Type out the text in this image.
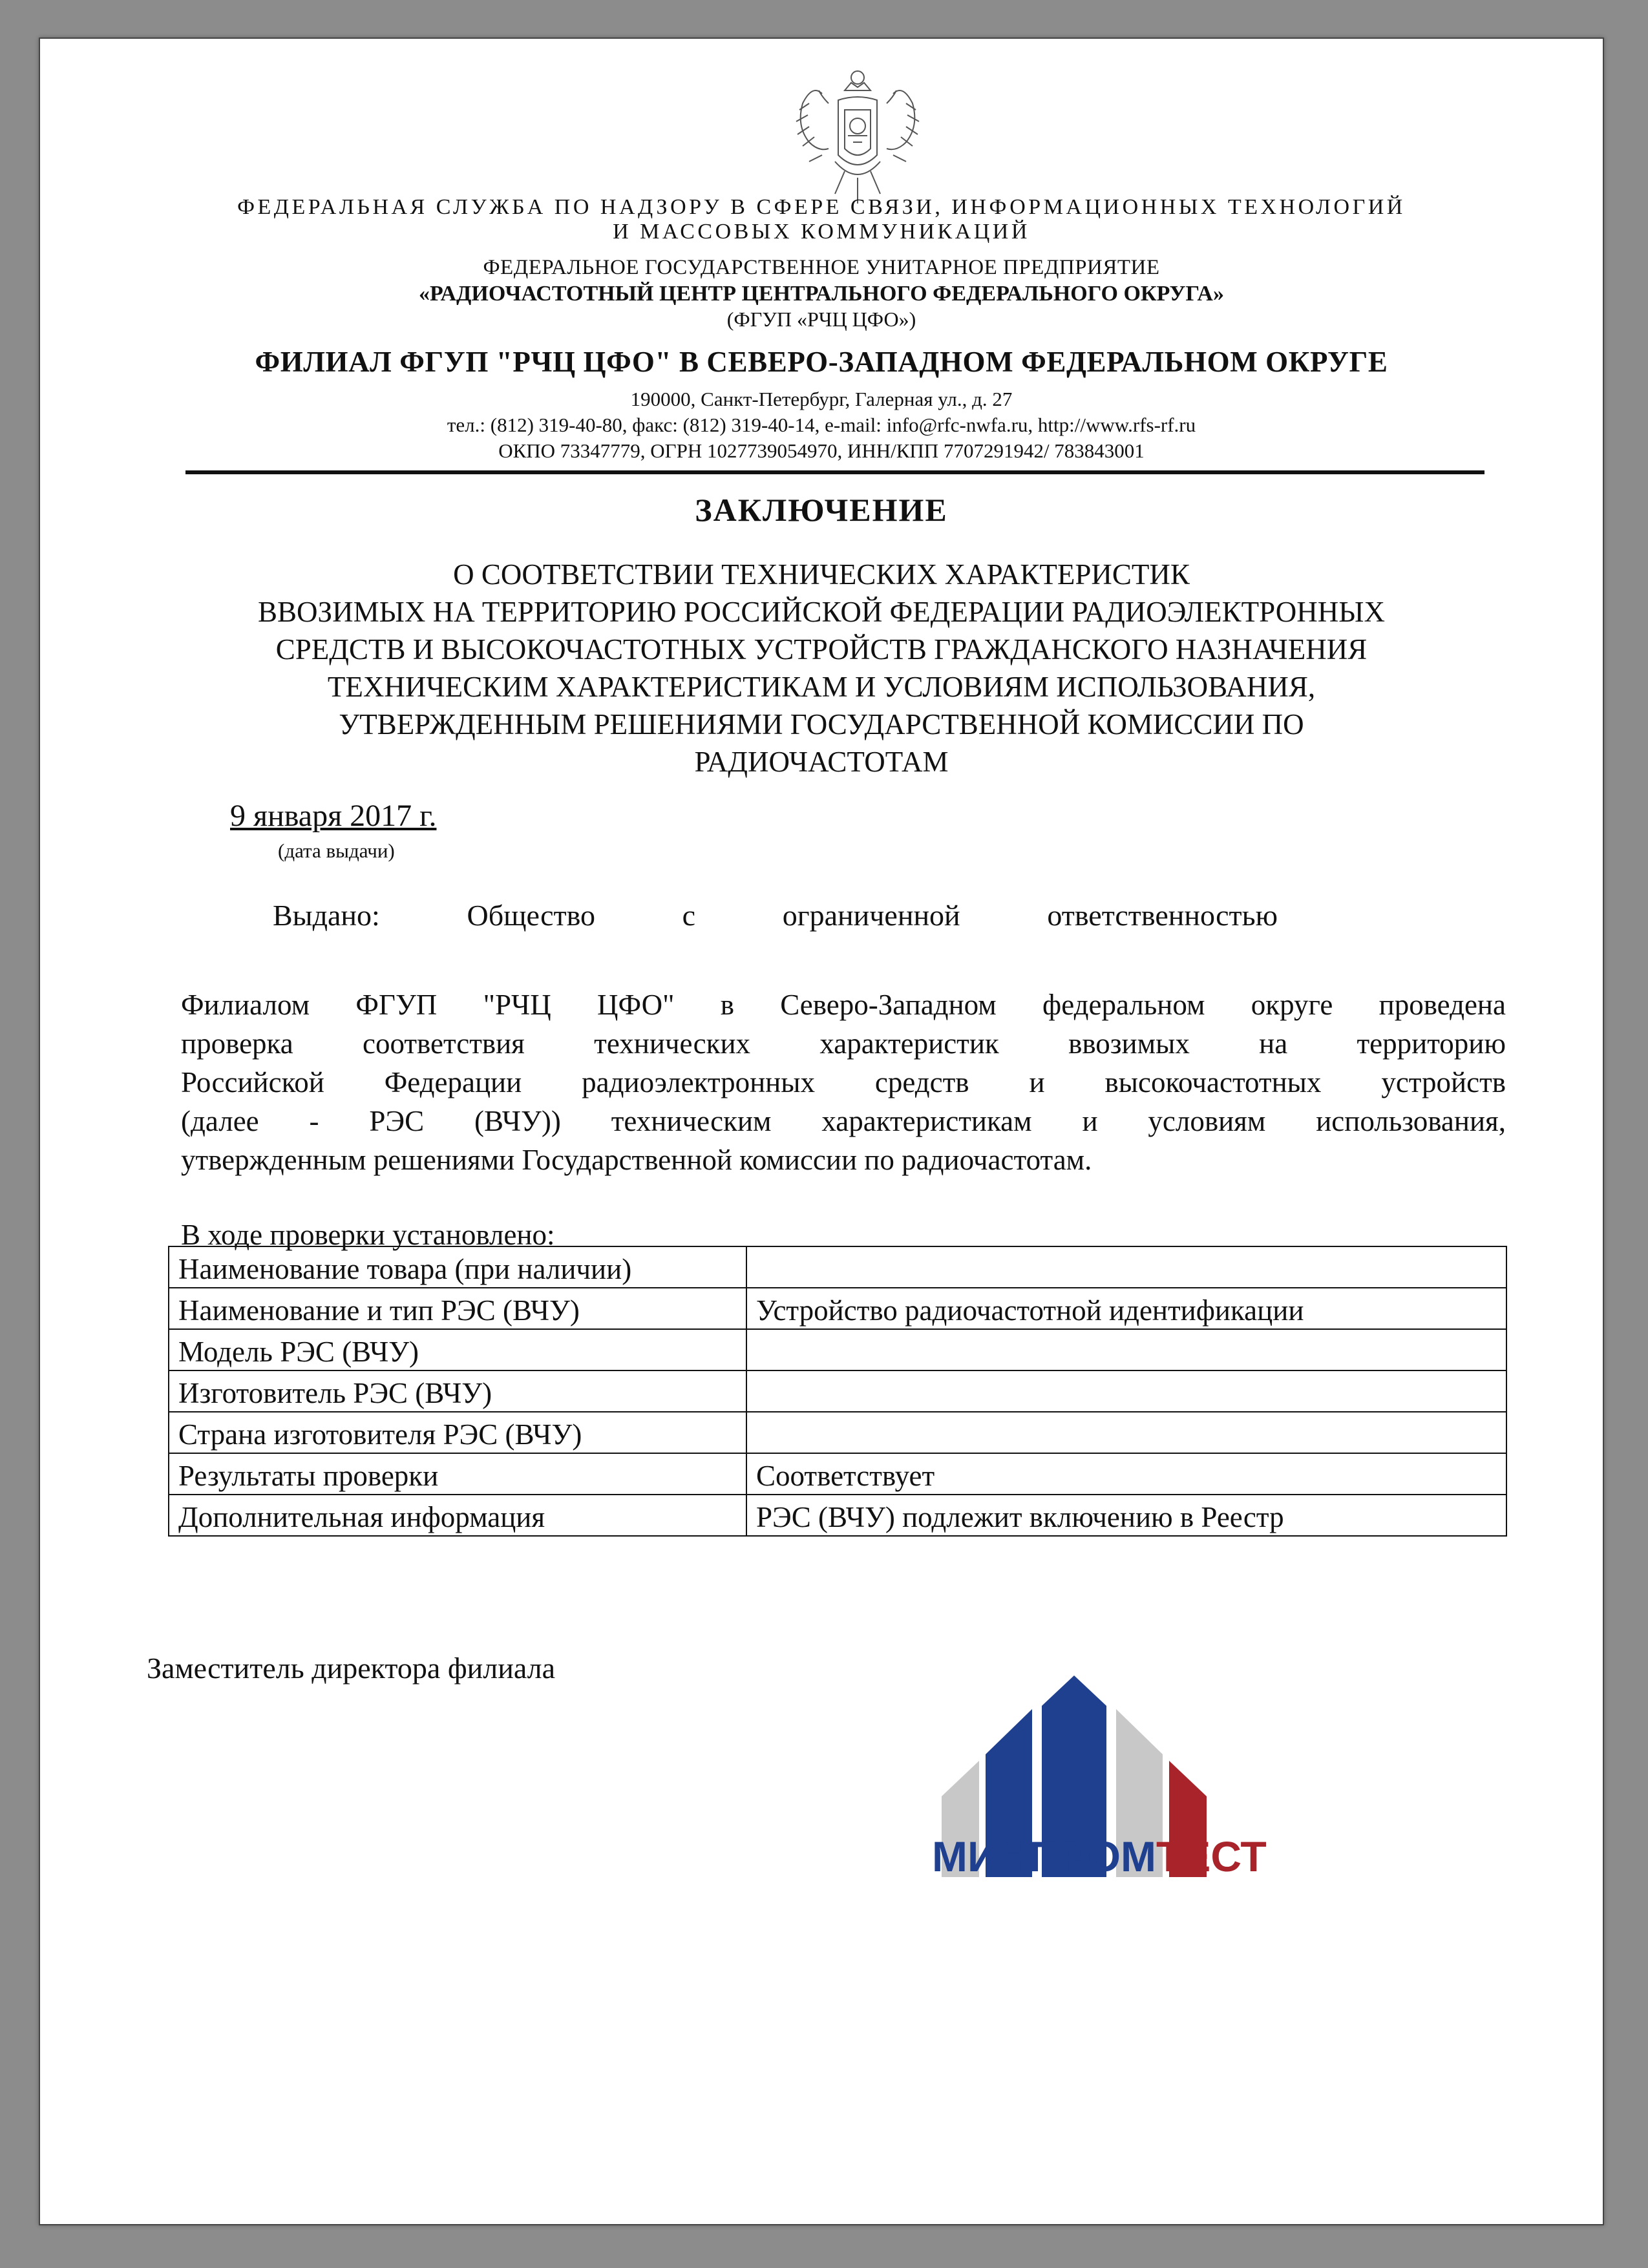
ФЕДЕРАЛЬНАЯ СЛУЖБА ПО НАДЗОРУ В СФЕРЕ СВЯЗИ, ИНФОРМАЦИОННЫХ ТЕХНОЛОГИЙ
И МАССОВЫХ КОММУНИКАЦИЙ
ФЕДЕРАЛЬНОЕ ГОСУДАРСТВЕННОЕ УНИТАРНОЕ ПРЕДПРИЯТИЕ
«РАДИОЧАСТОТНЫЙ ЦЕНТР ЦЕНТРАЛЬНОГО ФЕДЕРАЛЬНОГО ОКРУГА»
(ФГУП «РЧЦ ЦФО»)
ФИЛИАЛ ФГУП "РЧЦ ЦФО" В СЕВЕРО-ЗАПАДНОМ ФЕДЕРАЛЬНОМ ОКРУГЕ
190000, Санкт-Петербург, Галерная ул., д. 27
тел.: (812) 319-40-80, факс: (812) 319-40-14, e-mail: info@rfc-nwfa.ru, http://www.rfs-rf.ru
ОКПО 73347779, ОГРН 1027739054970, ИНН/КПП 7707291942/ 783843001
ЗАКЛЮЧЕНИЕ
О СООТВЕТСТВИИ ТЕХНИЧЕСКИХ ХАРАКТЕРИСТИК
ВВОЗИМЫХ НА ТЕРРИТОРИЮ РОССИЙСКОЙ ФЕДЕРАЦИИ РАДИОЭЛЕКТРОННЫХ
СРЕДСТВ И ВЫСОКОЧАСТОТНЫХ УСТРОЙСТВ ГРАЖДАНСКОГО НАЗНАЧЕНИЯ
ТЕХНИЧЕСКИМ ХАРАКТЕРИСТИКАМ И УСЛОВИЯМ ИСПОЛЬЗОВАНИЯ,
УТВЕРЖДЕННЫМ РЕШЕНИЯМИ ГОСУДАРСТВЕННОЙ КОМИССИИ ПО
РАДИОЧАСТОТАМ
9 января 2017 г.
(дата выдачи)
Выдано:	Общество	с	ограниченной	ответственностью
Филиалом ФГУП "РЧЦ ЦФО" в Северо-Западном федеральном округе проведена
проверка соответствия технических характеристик ввозимых на территорию
Российской Федерации радиоэлектронных средств и высокочастотных устройств
(далее - РЭС (ВЧУ)) техническим характеристикам и условиям использования,
утвержденным решениями Государственной комиссии по радиочастотам.
В ходе проверки установлено:
Наименование товара (при наличии)	
Наименование и тип РЭС (ВЧУ)	Устройство радиочастотной идентификации
Модель РЭС (ВЧУ)	
Изготовитель РЭС (ВЧУ)	
Страна изготовителя РЭС (ВЧУ)	
Результаты проверки	Соответствует
Дополнительная информация	РЭС (ВЧУ) подлежит включению в Реестр
Заместитель директора филиала
МИНПРОМТЕСТ
